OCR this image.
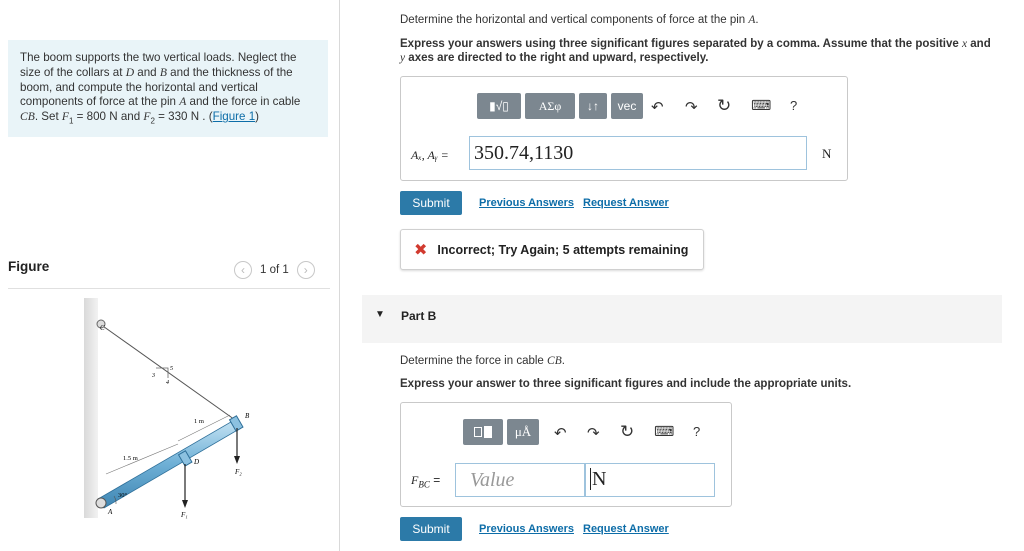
The boom supports the two vertical loads. Neglect the
size of the collars at D and B and the thickness of the
boom, and compute the horizontal and vertical
components of force at the pin A and the force in cable
CB. Set $F_1 = 800$ N and $F_2 = 330$ N . (Figure 1)
Figure	‹	1 of 1	›
5
3
4
C
A
B
D
F₁
F₂
1.5 m
1 m
30°
Determine the horizontal and vertical components of force at the pin A.
Express your answers using three significant figures separated by a comma. Assume that the positive x and
y axes are directed to the right and upward, respectively.
▮√▯	ΑΣφ	↓↑	vec ↶ ↷ ↻ ⌨ ?
Aₓ, Aᵧ = 350.74,1130	N
Submit	Previous Answers Request Answer
✖ Incorrect; Try Again; 5 attempts remaining
▼ Part B
Determine the force in cable CB.
Express your answer to three significant figures and include the appropriate units.
μÅ	↶ ↷ ↻ ⌨ ?
$F_{BC}$ =	Value	N
Submit	Previous Answers Request Answer
